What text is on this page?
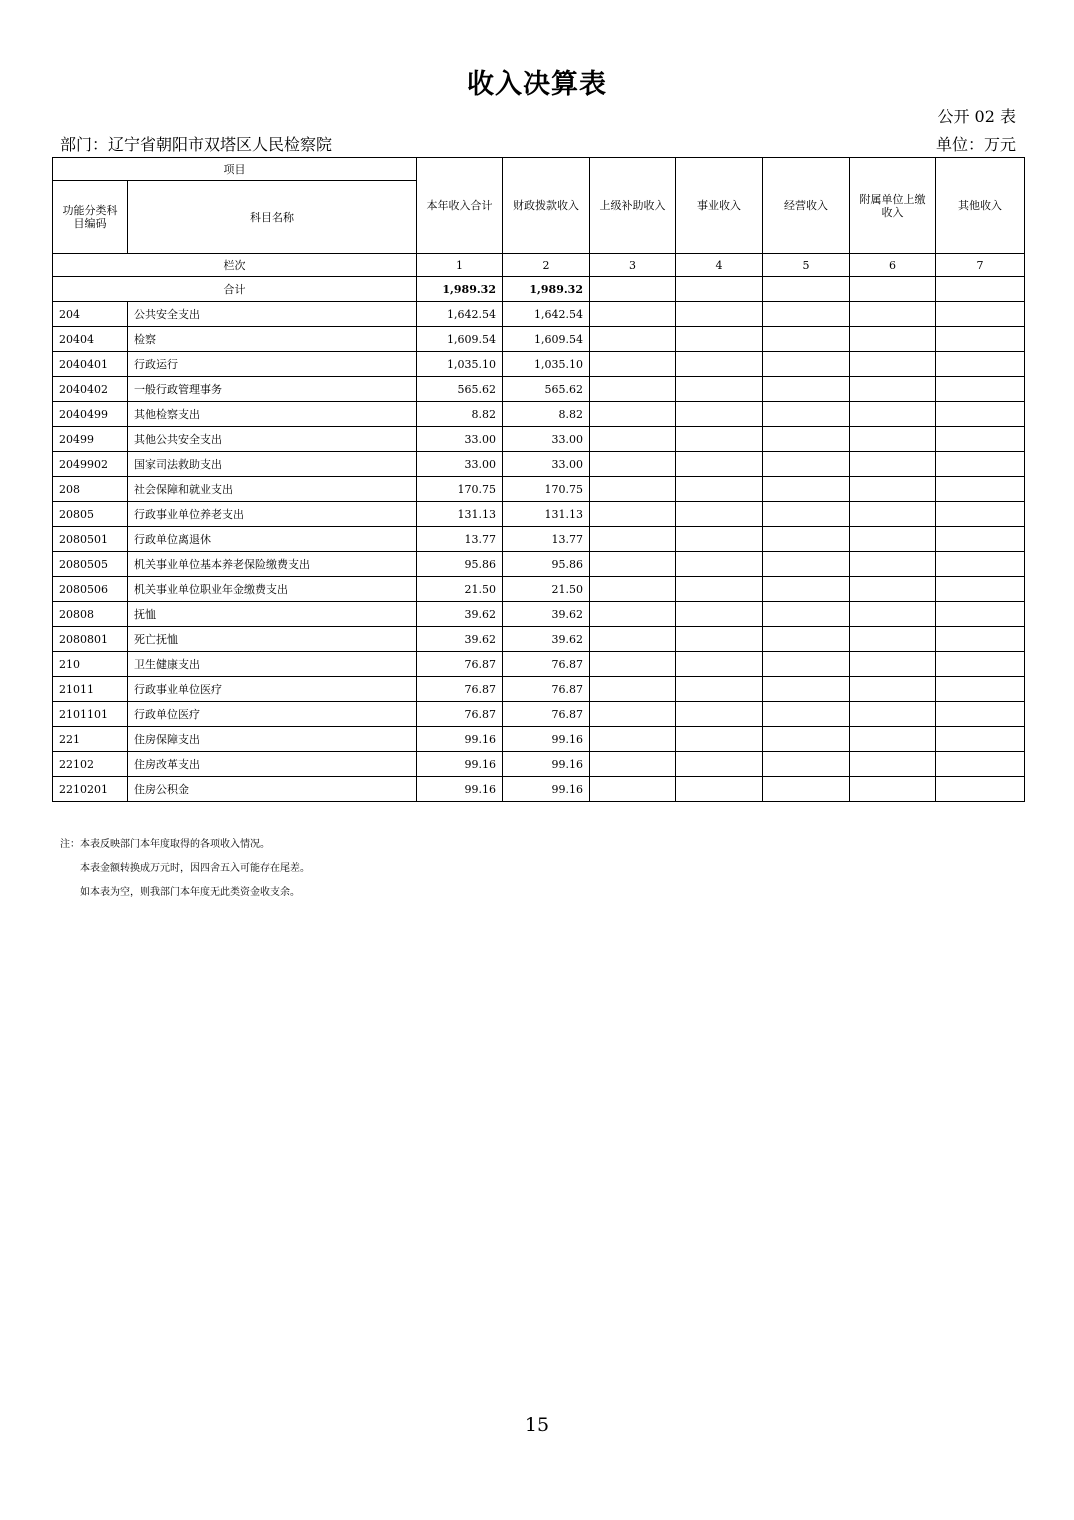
收入决算表
公开 02 表
部门：辽宁省朝阳市双塔区人民检察院	单位：万元
项目		本年收入合计	财政拨款收入	上级补助收入	事业收入	经营收入	附属单位上缴收入	其他收入
功能分类科目编码	科目名称							
栏次		1	2	3	4	5	6	7
合计		1,989.32	1,989.32					
204	公共安全支出	1,642.54	1,642.54					
20404	检察	1,609.54	1,609.54					
2040401	行政运行	1,035.10	1,035.10					
2040402	一般行政管理事务	565.62	565.62					
2040499	其他检察支出	8.82	8.82					
20499	其他公共安全支出	33.00	33.00					
2049902	国家司法救助支出	33.00	33.00					
208	社会保障和就业支出	170.75	170.75					
20805	行政事业单位养老支出	131.13	131.13					
2080501	行政单位离退休	13.77	13.77					
2080505	机关事业单位基本养老保险缴费支出	95.86	95.86					
2080506	机关事业单位职业年金缴费支出	21.50	21.50					
20808	抚恤	39.62	39.62					
2080801	死亡抚恤	39.62	39.62					
210	卫生健康支出	76.87	76.87					
21011	行政事业单位医疗	76.87	76.87					
2101101	行政单位医疗	76.87	76.87					
221	住房保障支出	99.16	99.16					
22102	住房改革支出	99.16	99.16					
2210201	住房公积金	99.16	99.16					
注：本表反映部门本年度取得的各项收入情况。
本表金额转换成万元时，因四舍五入可能存在尾差。
如本表为空，则我部门本年度无此类资金收支余。
15
